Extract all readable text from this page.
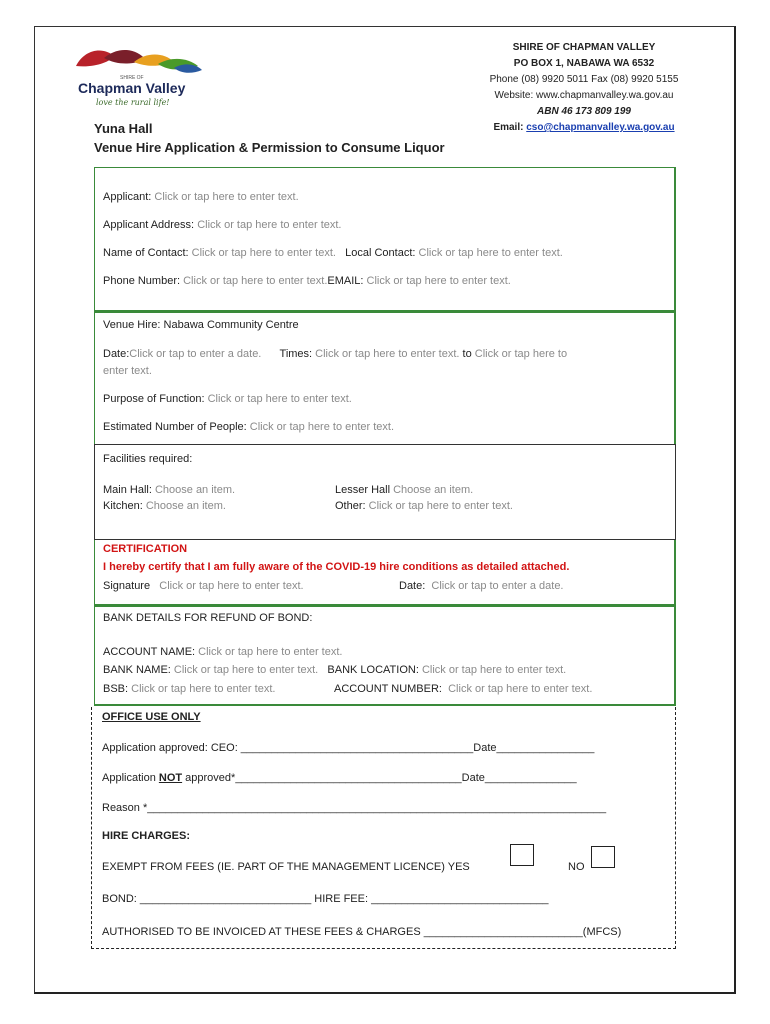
SHIRE OF
Chapman Valley
love the rural life!
SHIRE OF CHAPMAN VALLEY
PO BOX 1, NABAWA WA 6532
Phone (08) 9920 5011 Fax (08) 9920 5155
Website: www.chapmanvalley.wa.gov.au
ABN 46 173 809 199
Email: cso@chapmanvalley.wa.gov.au
Yuna Hall
Venue Hire Application & Permission to Consume Liquor
Applicant: Click or tap here to enter text.
Applicant Address: Click or tap here to enter text.
Name of Contact: Click or tap here to enter text. Local Contact: Click or tap here to enter text.
Phone Number: Click or tap here to enter text.EMAIL: Click or tap here to enter text.
Venue Hire: Nabawa Community Centre
Date:Click or tap to enter a date. Times: Click or tap here to enter text. to Click or tap here to
enter text.
Purpose of Function: Click or tap here to enter text.
Estimated Number of People: Click or tap here to enter text.
Facilities required:
Main Hall: Choose an item.	Lesser Hall Choose an item.
Kitchen: Choose an item.	Other: Click or tap here to enter text.
CERTIFICATION
I hereby certify that I am fully aware of the COVID-19 hire conditions as detailed attached.
Signature Click or tap here to enter text.	Date: Click or tap to enter a date.
BANK DETAILS FOR REFUND OF BOND:
ACCOUNT NAME: Click or tap here to enter text.
BANK NAME: Click or tap here to enter text. BANK LOCATION: Click or tap here to enter text.
BSB: Click or tap here to enter text.	ACCOUNT NUMBER: Click or tap here to enter text.
OFFICE USE ONLY
Application approved: CEO: ______________________________________Date________________
Application NOT approved*_____________________________________Date_______________
Reason *___________________________________________________________________________
HIRE CHARGES:
EXEMPT FROM FEES (IE. PART OF THE MANAGEMENT LICENCE) YES	NO
BOND: ____________________________ HIRE FEE: _____________________________
AUTHORISED TO BE INVOICED AT THESE FEES & CHARGES __________________________(MFCS)
